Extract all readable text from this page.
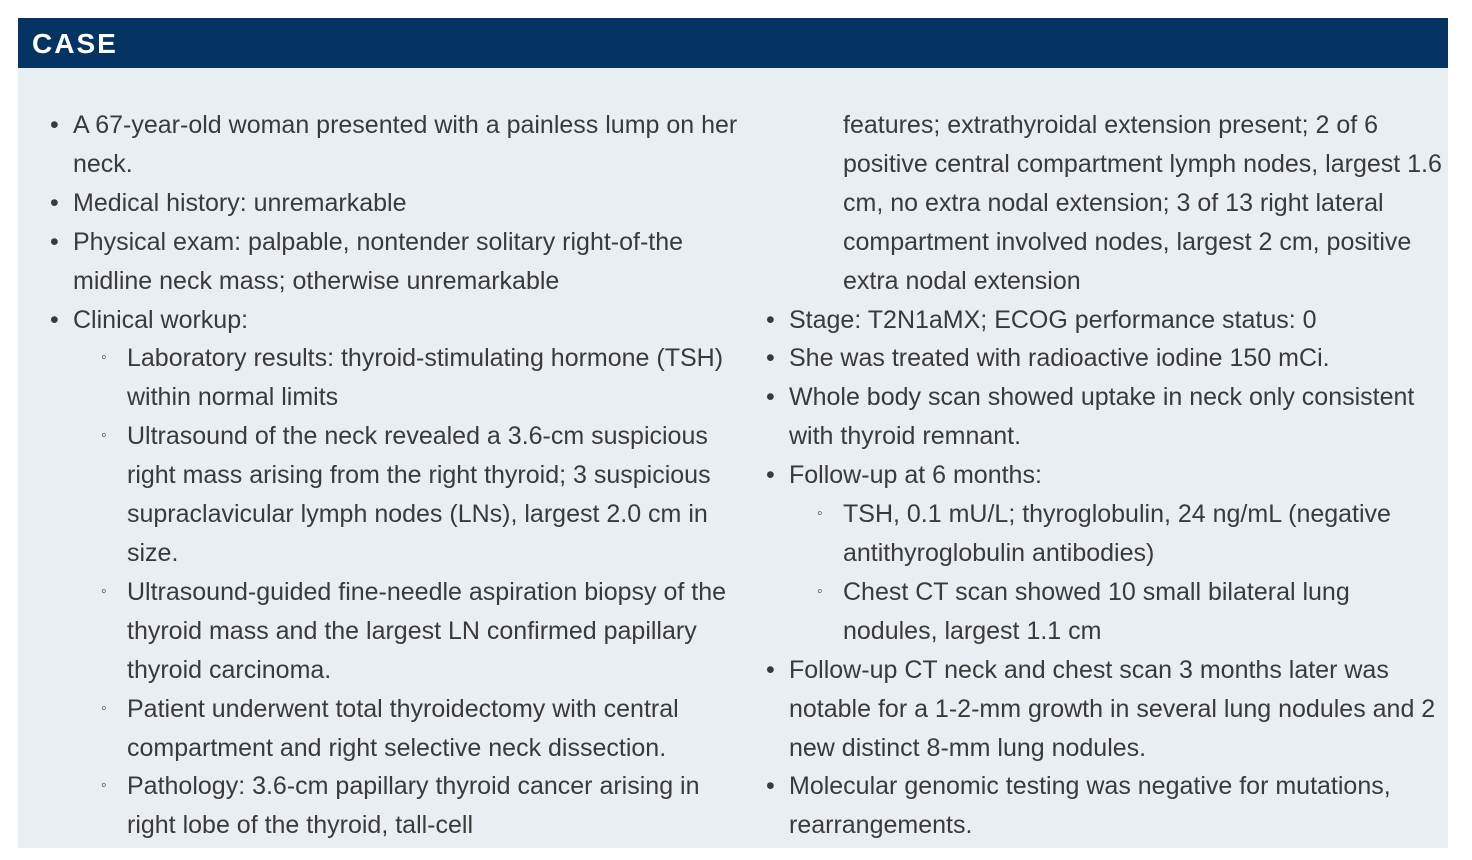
CASE
• A 67-year-old woman presented with a painless lump on her neck.
• Medical history: unremarkable
• Physical exam: palpable, nontender solitary right-of-the midline neck mass; otherwise unremarkable
• Clinical workup:
◦ Laboratory results: thyroid-stimulating hormone (TSH) within normal limits
◦ Ultrasound of the neck revealed a 3.6-cm suspicious right mass arising from the right thyroid; 3 suspicious supraclavicular lymph nodes (LNs), largest 2.0 cm in size.
◦ Ultrasound-guided fine-needle aspiration biopsy of the thyroid mass and the largest LN confirmed papillary thyroid carcinoma.
◦ Patient underwent total thyroidectomy with central compartment and right selective neck dissection.
◦ Pathology: 3.6-cm papillary thyroid cancer arising in right lobe of the thyroid, tall-cell
features; extrathyroidal extension present; 2 of 6 positive central compartment lymph nodes, largest 1.6 cm, no extra nodal extension; 3 of 13 right lateral compartment involved nodes, largest 2 cm, positive extra nodal extension
• Stage: T2N1aMX; ECOG performance status: 0
• She was treated with radioactive iodine 150 mCi.
• Whole body scan showed uptake in neck only consistent with thyroid remnant.
• Follow-up at 6 months:
◦ TSH, 0.1 mU/L; thyroglobulin, 24 ng/mL (negative antithyroglobulin antibodies)
◦ Chest CT scan showed 10 small bilateral lung nodules, largest 1.1 cm
• Follow-up CT neck and chest scan 3 months later was notable for a 1-2-mm growth in several lung nodules and 2 new distinct 8-mm lung nodules.
• Molecular genomic testing was negative for mutations, rearrangements.
